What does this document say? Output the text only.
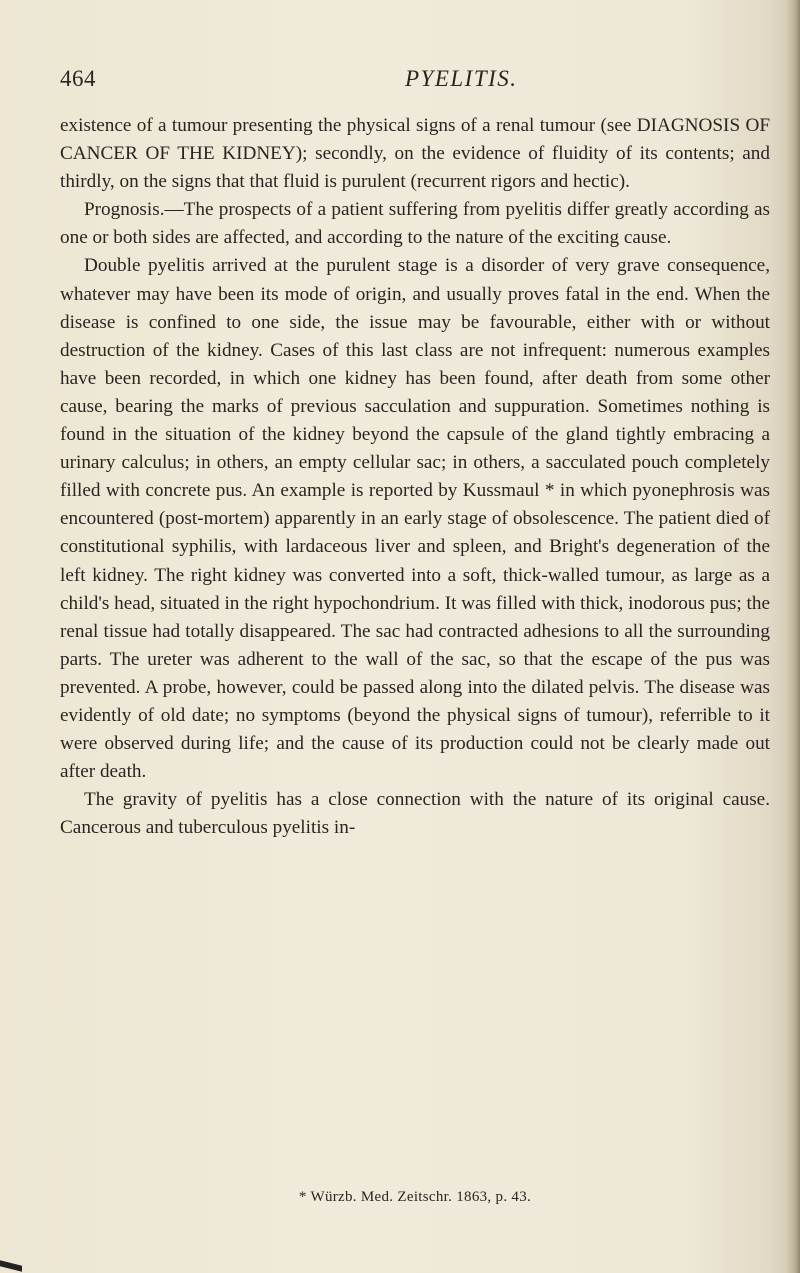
464	PYELITIS.

existence of a tumour presenting the physical signs of a renal tumour (see DIAGNOSIS OF CANCER OF THE KIDNEY); secondly, on the evidence of fluidity of its contents; and thirdly, on the signs that that fluid is purulent (recurrent rigors and hectic).

Prognosis.—The prospects of a patient suffering from pyelitis differ greatly according as one or both sides are affected, and according to the nature of the exciting cause.

Double pyelitis arrived at the purulent stage is a disorder of very grave consequence, whatever may have been its mode of origin, and usually proves fatal in the end. When the disease is confined to one side, the issue may be favourable, either with or without destruction of the kidney. Cases of this last class are not infrequent: numerous examples have been recorded, in which one kidney has been found, after death from some other cause, bearing the marks of previous sacculation and suppuration. Sometimes nothing is found in the situation of the kidney beyond the capsule of the gland tightly embracing a urinary calculus; in others, an empty cellular sac; in others, a sacculated pouch completely filled with concrete pus. An example is reported by Kussmaul * in which pyonephrosis was encountered (post-mortem) apparently in an early stage of obsolescence. The patient died of constitutional syphilis, with lardaceous liver and spleen, and Bright's degeneration of the left kidney. The right kidney was converted into a soft, thick-walled tumour, as large as a child's head, situated in the right hypochondrium. It was filled with thick, inodorous pus; the renal tissue had totally disappeared. The sac had contracted adhesions to all the surrounding parts. The ureter was adherent to the wall of the sac, so that the escape of the pus was prevented. A probe, however, could be passed along into the dilated pelvis. The disease was evidently of old date; no symptoms (beyond the physical signs of tumour), referrible to it were observed during life; and the cause of its production could not be clearly made out after death.

The gravity of pyelitis has a close connection with the nature of its original cause. Cancerous and tuberculous pyelitis in-

* Würzb. Med. Zeitschr. 1863, p. 43.
